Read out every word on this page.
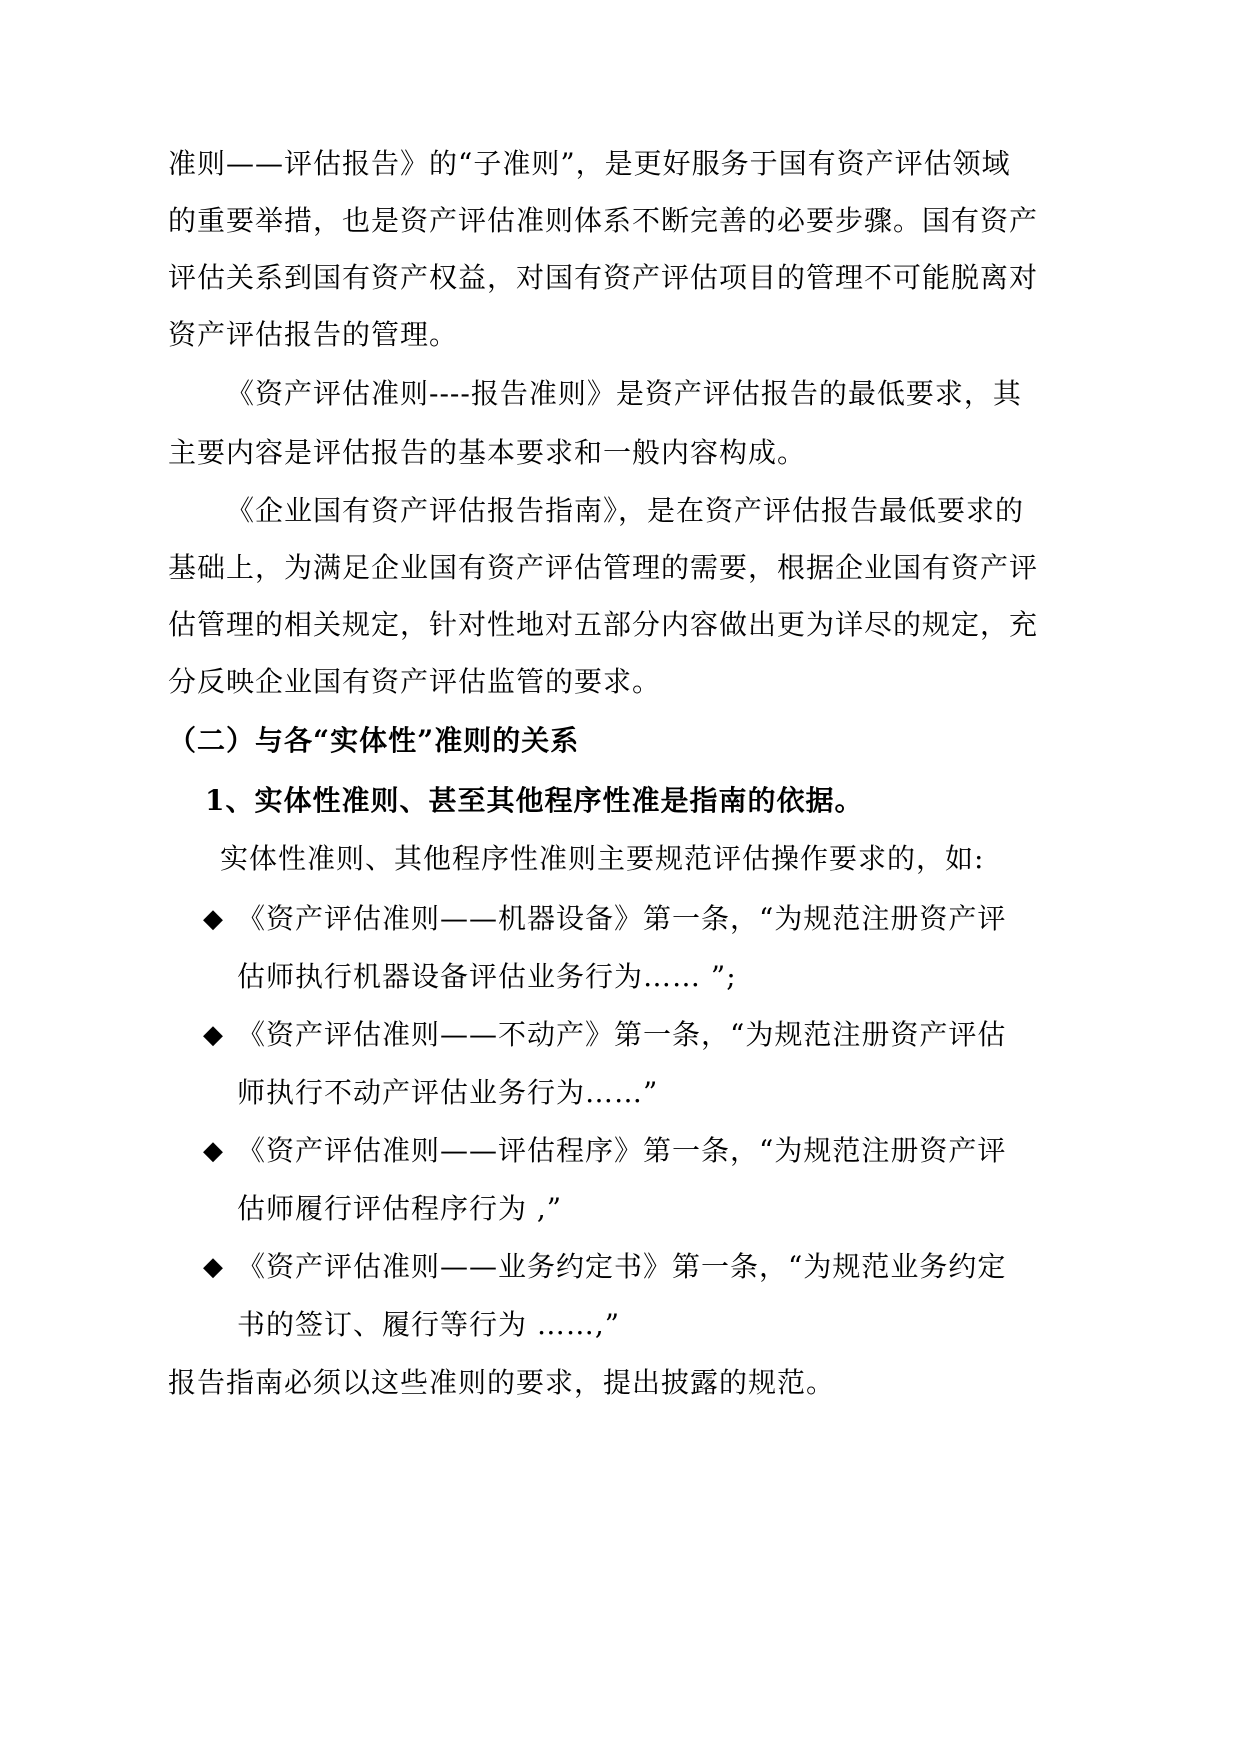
准则——评估报告》的“子准则”，是更好服务于国有资产评估领域
的重要举措，也是资产评估准则体系不断完善的必要步骤。国有资产
评估关系到国有资产权益，对国有资产评估项目的管理不可能脱离对
资产评估报告的管理。
《资产评估准则----报告准则》是资产评估报告的最低要求，其
主要内容是评估报告的基本要求和一般内容构成。
《企业国有资产评估报告指南》，是在资产评估报告最低要求的
基础上，为满足企业国有资产评估管理的需要，根据企业国有资产评
估管理的相关规定，针对性地对五部分内容做出更为详尽的规定，充
分反映企业国有资产评估监管的要求。
（二）与各“实体性”准则的关系
1、实体性准则、甚至其他程序性准是指南的依据。
实体性准则、其他程序性准则主要规范评估操作要求的，如:
◆ 《资产评估准则——机器设备》第一条，“为规范注册资产评
估师执行机器设备评估业务行为…… ”;
◆ 《资产评估准则——不动产》第一条，“为规范注册资产评估
师执行不动产评估业务行为……”
◆ 《资产评估准则——评估程序》第一条，“为规范注册资产评
估师履行评估程序行为 ,”
◆ 《资产评估准则——业务约定书》第一条，“为规范业务约定
书的签订、履行等行为 ……,”
报告指南必须以这些准则的要求，提出披露的规范。
